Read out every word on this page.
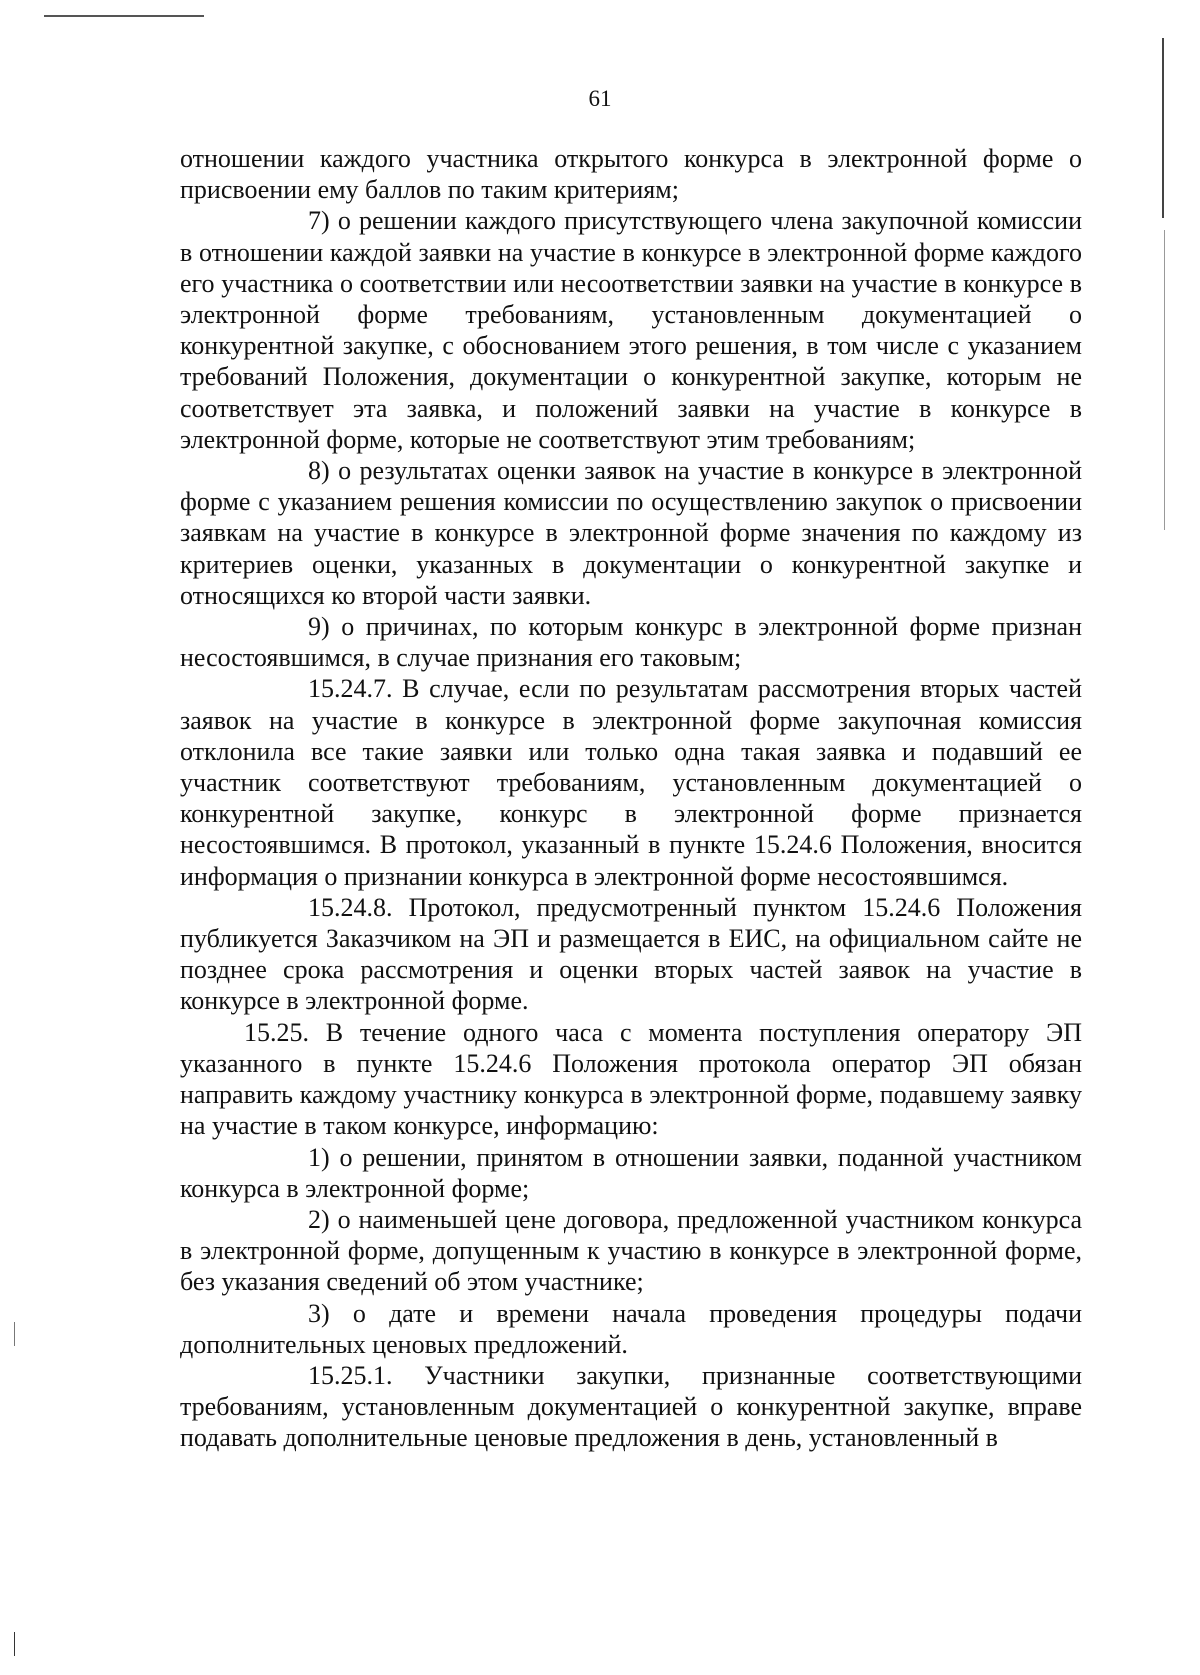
61

отношении каждого участника открытого конкурса в электронной форме о присвоении ему баллов по таким критериям;

7) о решении каждого присутствующего члена закупочной комиссии в отношении каждой заявки на участие в конкурсе в электронной форме каждого его участника о соответствии или несоответствии заявки на участие в конкурсе в электронной форме требованиям, установленным документацией о конкурентной закупке, с обоснованием этого решения, в том числе с указанием требований Положения, документации о конкурентной закупке, которым не соответствует эта заявка, и положений заявки на участие в конкурсе в электронной форме, которые не соответствуют этим требованиям;

8) о результатах оценки заявок на участие в конкурсе в электронной форме с указанием решения комиссии по осуществлению закупок о присвоении заявкам на участие в конкурсе в электронной форме значения по каждому из критериев оценки, указанных в документации о конкурентной закупке и относящихся ко второй части заявки.

9) о причинах, по которым конкурс в электронной форме признан несостоявшимся, в случае признания его таковым;

15.24.7. В случае, если по результатам рассмотрения вторых частей заявок на участие в конкурсе в электронной форме закупочная комиссия отклонила все такие заявки или только одна такая заявка и подавший ее участник соответствуют требованиям, установленным документацией о конкурентной закупке, конкурс в электронной форме признается несостоявшимся. В протокол, указанный в пункте 15.24.6 Положения, вносится информация о признании конкурса в электронной форме несостоявшимся.

15.24.8. Протокол, предусмотренный пунктом 15.24.6 Положения публикуется Заказчиком на ЭП и размещается в ЕИС, на официальном сайте не позднее срока рассмотрения и оценки вторых частей заявок на участие в конкурсе в электронной форме.

15.25. В течение одного часа с момента поступления оператору ЭП указанного в пункте 15.24.6 Положения протокола оператор ЭП обязан направить каждому участнику конкурса в электронной форме, подавшему заявку на участие в таком конкурсе, информацию:

1) о решении, принятом в отношении заявки, поданной участником конкурса в электронной форме;

2) о наименьшей цене договора, предложенной участником конкурса в электронной форме, допущенным к участию в конкурсе в электронной форме, без указания сведений об этом участнике;

3) о дате и времени начала проведения процедуры подачи дополнительных ценовых предложений.

15.25.1. Участники закупки, признанные соответствующими требованиям, установленным документацией о конкурентной закупке, вправе подавать дополнительные ценовые предложения в день, установленный в
